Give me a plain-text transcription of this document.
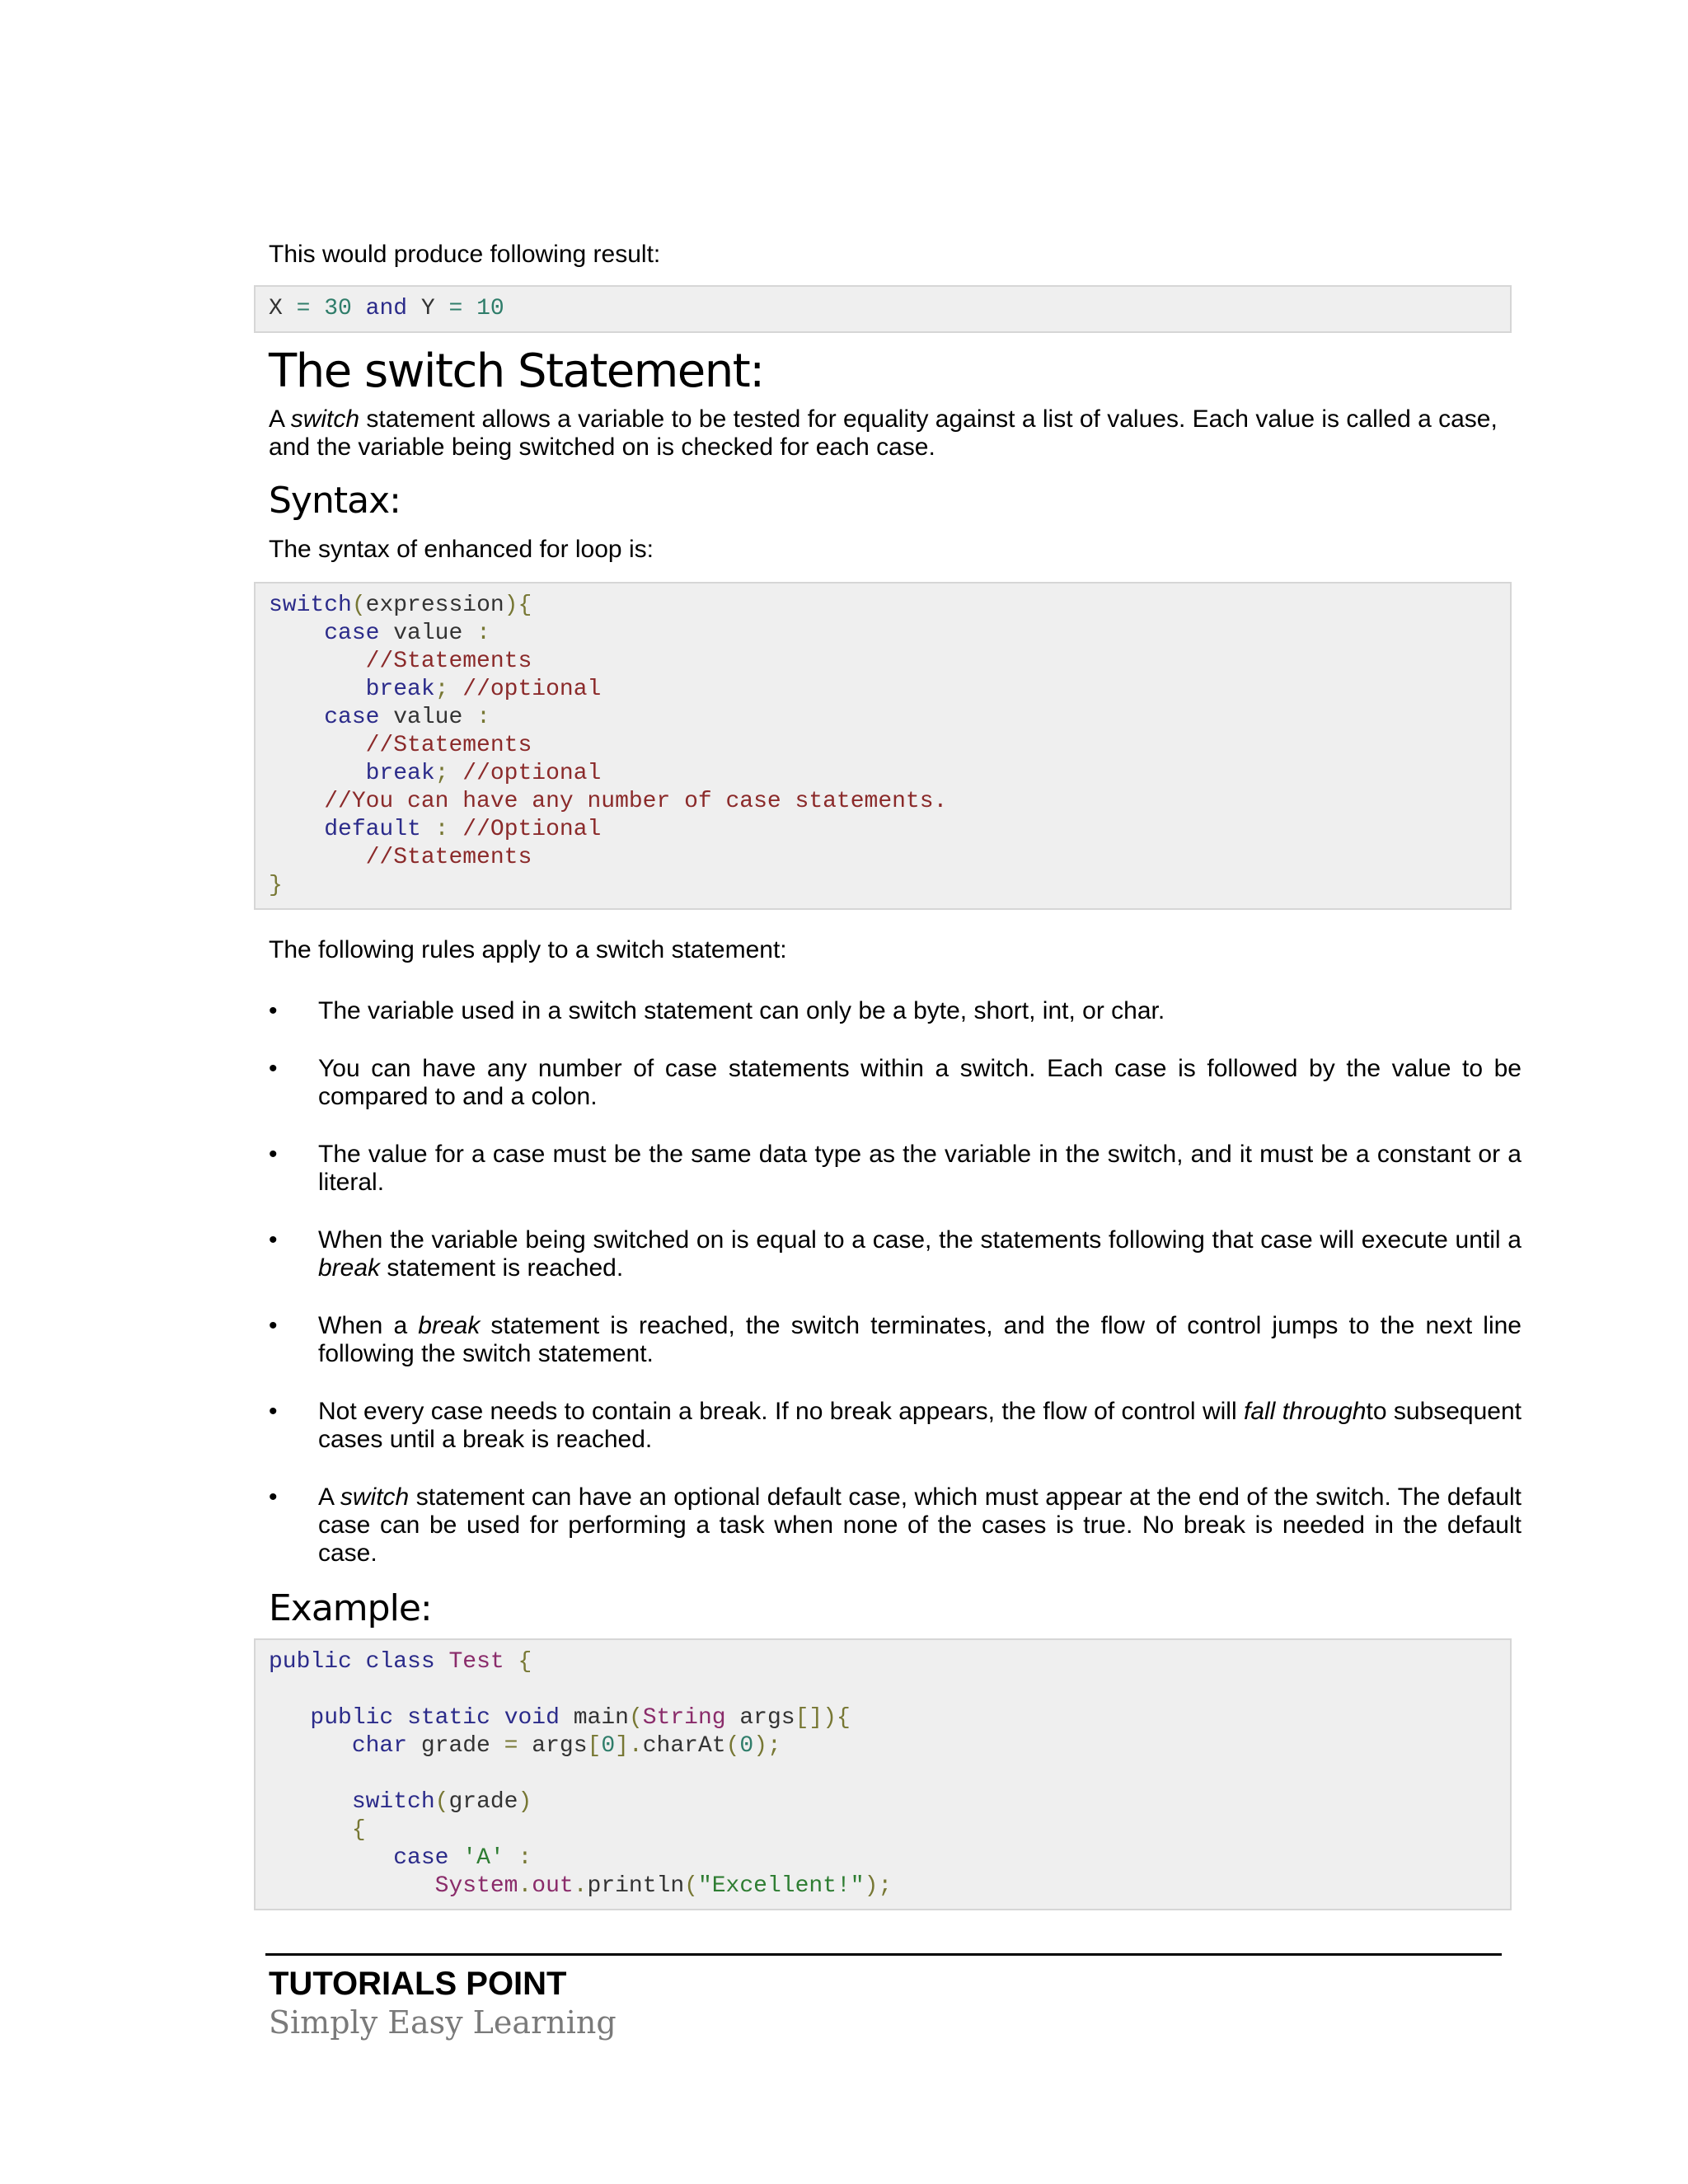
This would produce following result:

X = 30 and Y = 10
The switch Statement:

A switch statement allows a variable to be tested for equality against a list of values. Each value is called a case, and the variable being switched on is checked for each case.

Syntax:

The syntax of enhanced for loop is:

switch(expression){
case value :
//Statements
break; //optional
case value :
//Statements
break; //optional
//You can have any number of case statements.
default : //Optional
//Statements
}

The following rules apply to a switch statement:

• The variable used in a switch statement can only be a byte, short, int, or char.
• You can have any number of case statements within a switch. Each case is followed by the value to be compared to and a colon.
• The value for a case must be the same data type as the variable in the switch, and it must be a constant or a literal.
• When the variable being switched on is equal to a case, the statements following that case will execute until a break statement is reached.
• When a break statement is reached, the switch terminates, and the flow of control jumps to the next line following the switch statement.
• Not every case needs to contain a break. If no break appears, the flow of control will fall throughto subsequent cases until a break is reached.
• A switch statement can have an optional default case, which must appear at the end of the switch. The default case can be used for performing a task when none of the cases is true. No break is needed in the default case.
Example:
public class Test {

public static void main(String args[]){
char grade = args[0].charAt(0);

switch(grade)
{
case 'A' :
System.out.println("Excellent!");
TUTORIALS POINT
Simply Easy Learning
